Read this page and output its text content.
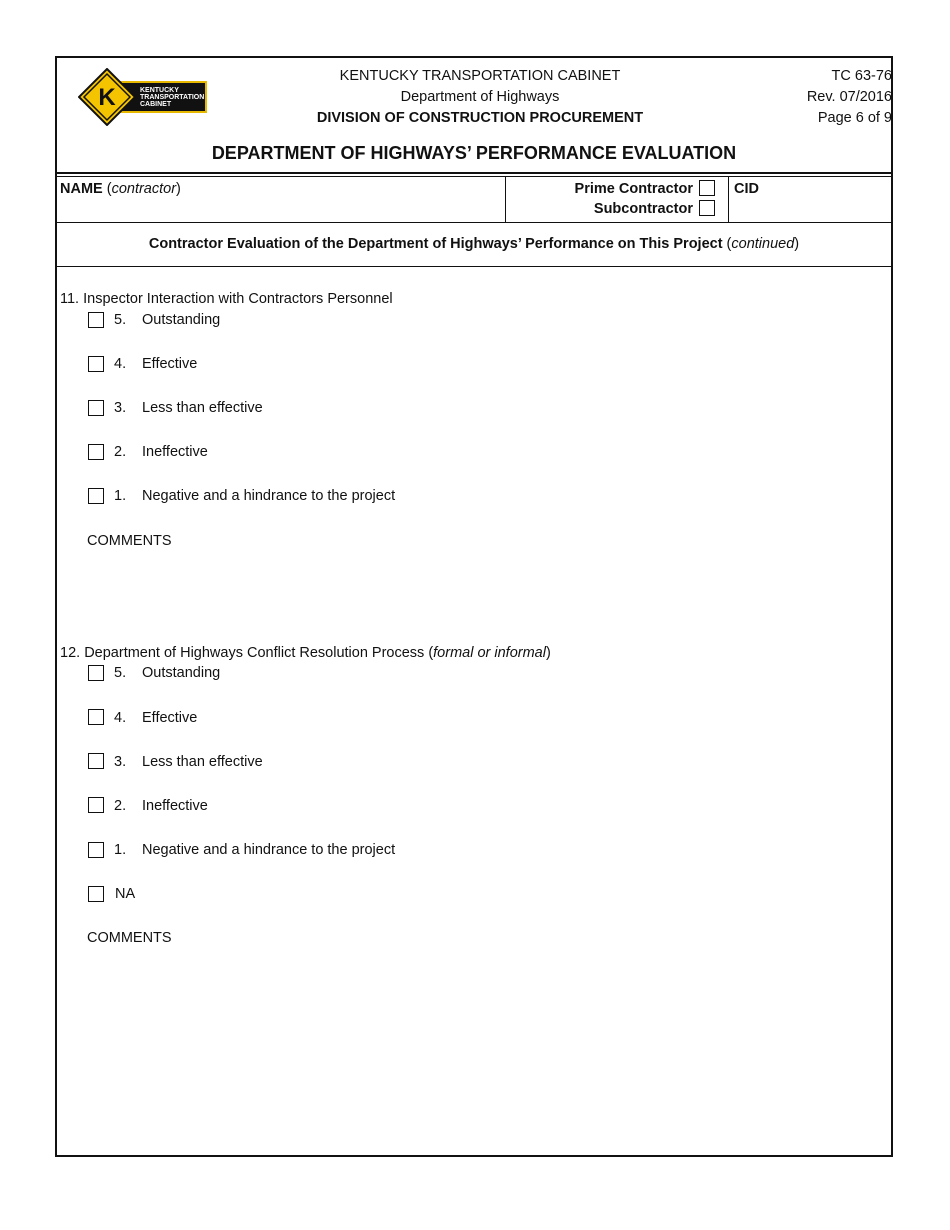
K	KENTUCKY
TRANSPORTATION
CABINET
KENTUCKY TRANSPORTATION CABINET
Department of Highways
DIVISION OF CONSTRUCTION PROCUREMENT
TC 63-76
Rev. 07/2016
Page 6 of 9
DEPARTMENT OF HIGHWAYS’ PERFORMANCE EVALUATION
NAME (contractor)	Prime Contractor
Subcontractor
CID
Contractor Evaluation of the Department of Highways’ Performance on This Project (continued)
11. Inspector Interaction with Contractors Personnel
5. Outstanding
4. Effective
3. Less than effective
2. Ineffective
1. Negative and a hindrance to the project
COMMENTS
12. Department of Highways Conflict Resolution Process (formal or informal)
5. Outstanding
4. Effective
3. Less than effective
2. Ineffective
1. Negative and a hindrance to the project
NA
COMMENTS
